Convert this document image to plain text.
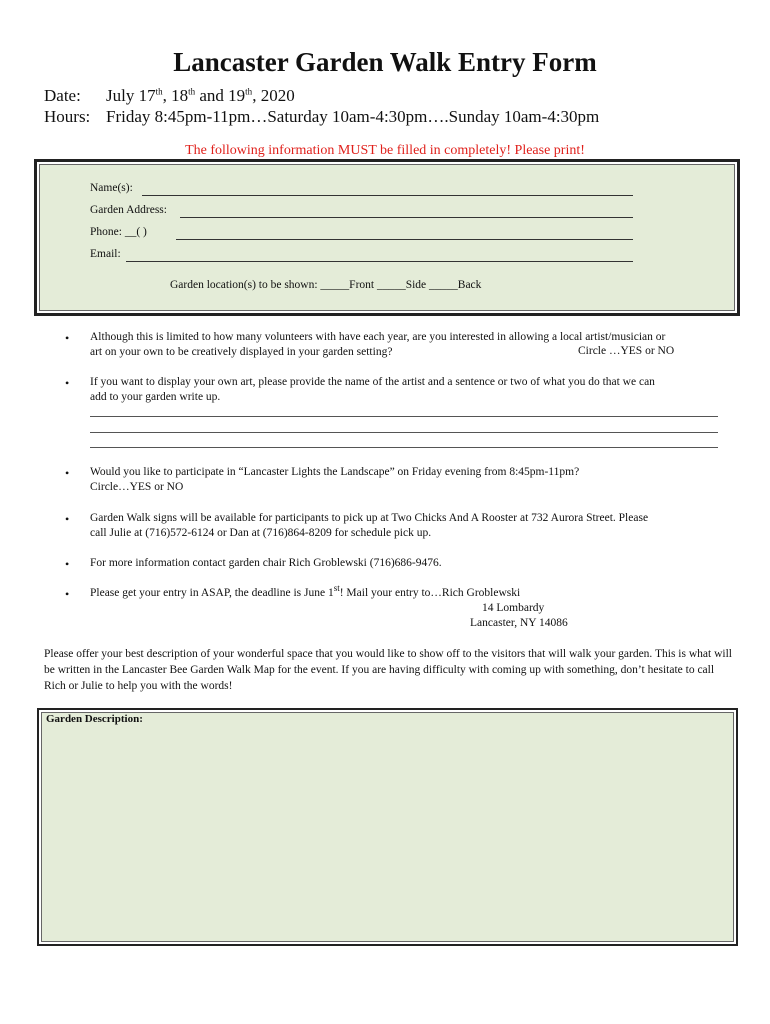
Lancaster Garden Walk Entry Form
Date: July 17th, 18th and 19th, 2020
Hours: Friday 8:45pm-11pm…Saturday 10am-4:30pm….Sunday 10am-4:30pm
The following information MUST be filled in completely! Please print!
Name(s):
Garden Address:
Phone: __( )
Email:
Garden location(s) to be shown: _____Front _____Side _____Back
• Although this is limited to how many volunteers with have each year, are you interested in allowing a local artist/musician or
art on your own to be creatively displayed in your garden setting?	Circle …YES or NO
• If you want to display your own art, please provide the name of the artist and a sentence or two of what you do that we can
add to your garden write up.
• Would you like to participate in “Lancaster Lights the Landscape” on Friday evening from 8:45pm-11pm?
Circle…YES or NO
• Garden Walk signs will be available for participants to pick up at Two Chicks And A Rooster at 732 Aurora Street. Please
call Julie at (716)572-6124 or Dan at (716)864-8209 for schedule pick up.
• For more information contact garden chair Rich Groblewski (716)686-9476.
• Please get your entry in ASAP, the deadline is June 1st! Mail your entry to…Rich Groblewski
14 Lombardy
Lancaster, NY 14086
Please offer your best description of your wonderful space that you would like to show off to the visitors that will walk your garden. This is what will be written in the Lancaster Bee Garden Walk Map for the event. If you are having difficulty with coming up with something, don’t hesitate to call Rich or Julie to help you with the words!
Garden Description:
